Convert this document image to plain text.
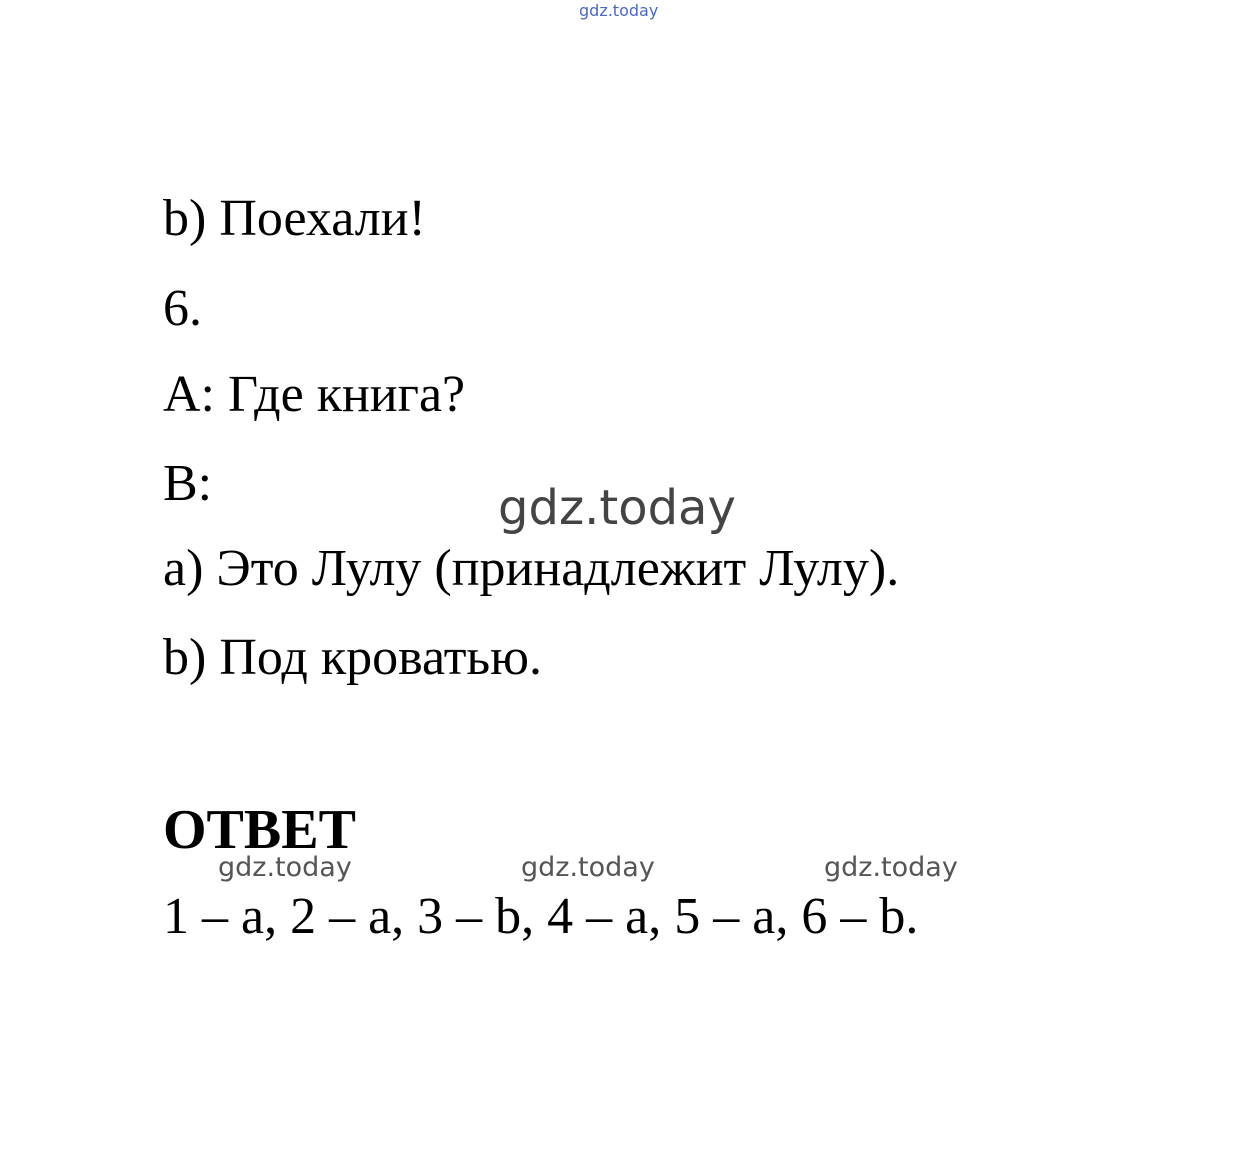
gdz.today
b) Поехали!
6.
A: Где книга?
B:	gdz.today
a) Это Лулу (принадлежит Лулу).
b) Под кроватью.
ОТВЕТ
gdz.today	gdz.today	gdz.today
1 – a, 2 – a, 3 – b, 4 – a, 5 – a, 6 – b.
